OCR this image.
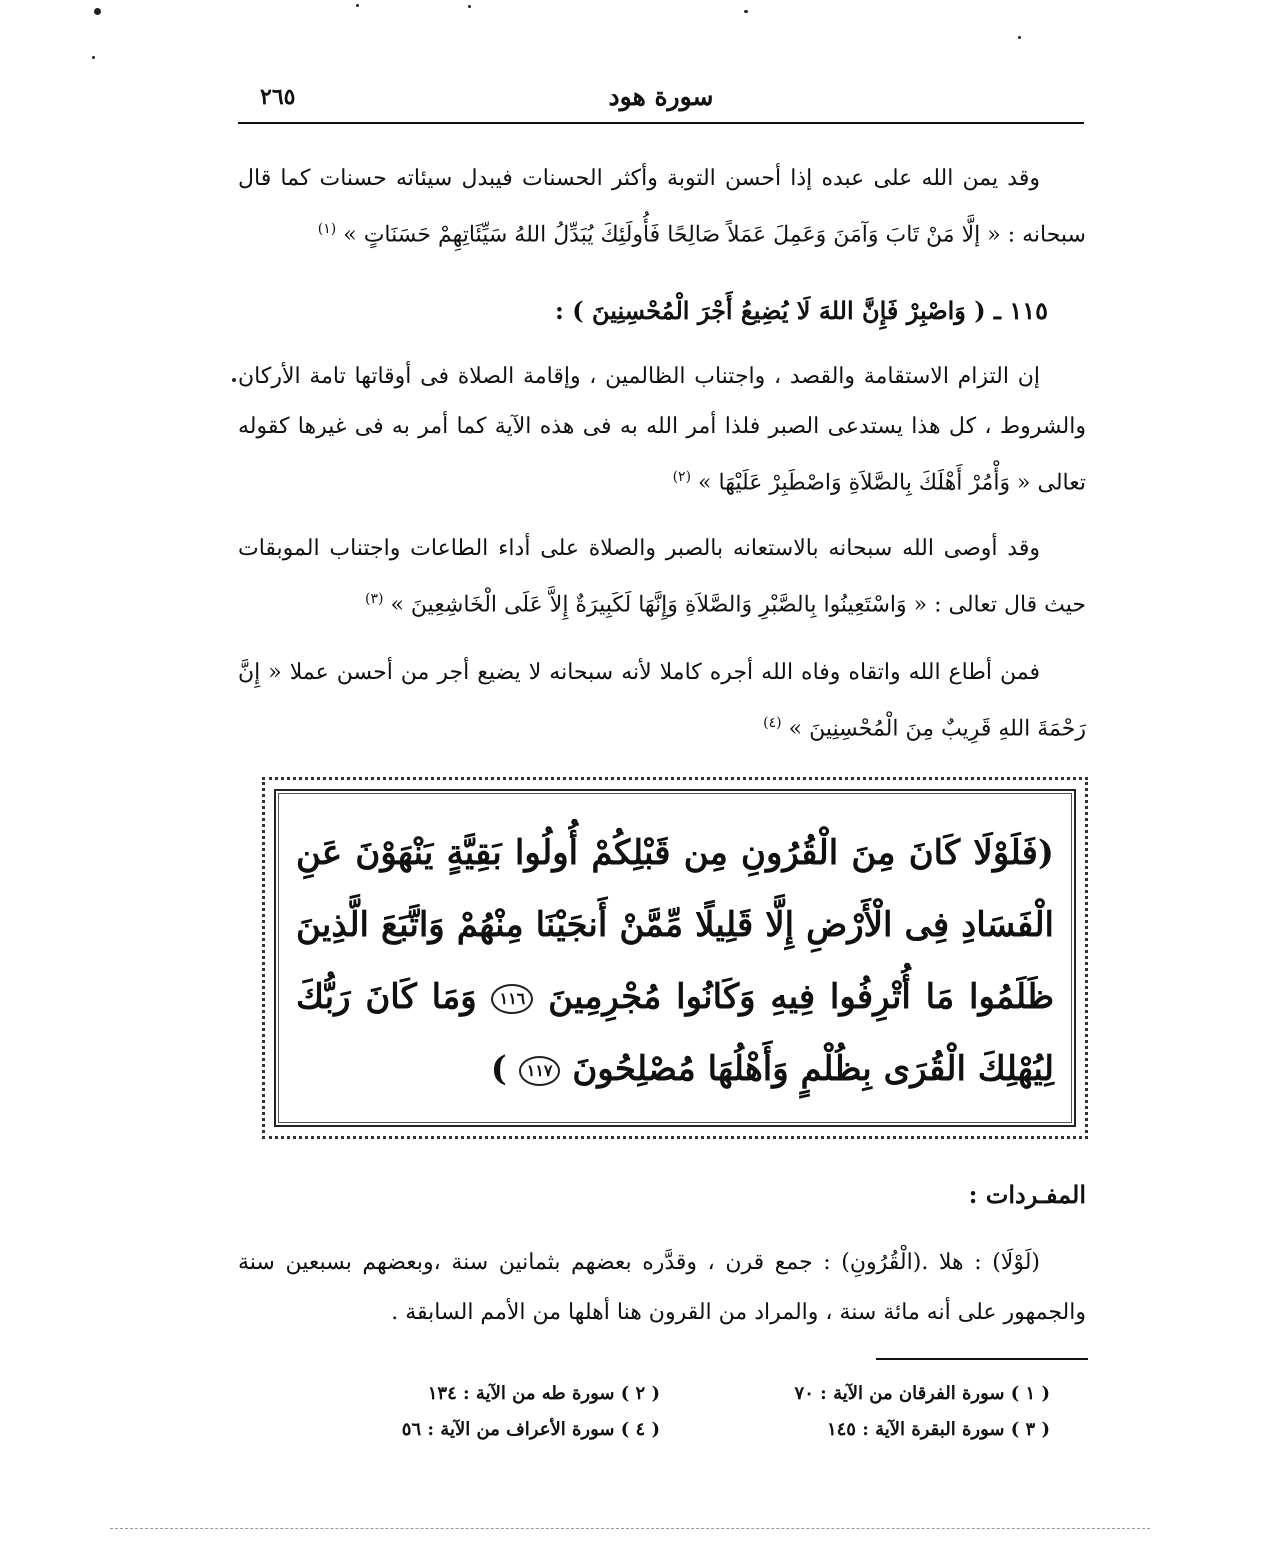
سورة هود
٢٦٥

وقد يمن الله على عبده إذا أحسن التوبة وأكثر الحسنات فيبدل سيئاته حسنات كما قال سبحانه : « إلَّا مَنْ تَابَ وَآمَنَ وَعَمِلَ عَمَلاً صَالِحًا فَأُولَئِكَ يُبَدِّلُ اللهُ سَيِّئَاتِهِمْ حَسَنَاتٍ » $^{(١)}$

١١٥ ـ ( وَاصْبِرْ فَإِنَّ اللهَ لَا يُضِيعُ أَجْرَ الْمُحْسِنِينَ ) :

إن التزام الاستقامة والقصد ، واجتناب الظالمين ، وإقامة الصلاة فى أوقاتها تامة الأركان والشروط ، كل هذا يستدعى الصبر فلذا أمر الله به فى هذه الآية كما أمر به فى غيرها كقوله تعالى « وَأْمُرْ أَهْلَكَ بِالصَّلاَةِ وَاصْطَبِرْ عَلَيْهَا » $^{(٢)}$

وقد أوصى الله سبحانه بالاستعانه بالصبر والصلاة على أداء الطاعات واجتناب الموبقات حيث قال تعالى : « وَاسْتَعِينُوا بِالصَّبْرِ وَالصَّلاَةِ وَإِنَّهَا لَكَبِيرَةٌ إِلاَّ عَلَى الْخَاشِعِينَ » $^{(٣)}$

فمن أطاع الله واتقاه وفاه الله أجره كاملا لأنه سبحانه لا يضيع أجر من أحسن عملا « إِنَّ رَحْمَةَ اللهِ قَرِيبٌ مِنَ الْمُحْسِنِينَ » $^{(٤)}$

(فَلَوْلَا كَانَ مِنَ الْقُرُونِ مِن قَبْلِكُمْ أُولُوا بَقِيَّةٍ يَنْهَوْنَ عَنِ الْفَسَادِ فِى الْأَرْضِ إِلَّا قَلِيلًا مِّمَّنْ أَنجَيْنَا مِنْهُمْ وَاتَّبَعَ الَّذِينَ ظَلَمُوا مَا أُتْرِفُوا فِيهِ وَكَانُوا مُجْرِمِينَ ١١٦ وَمَا كَانَ رَبُّكَ لِيُهْلِكَ الْقُرَى بِظُلْمٍ وَأَهْلُهَا مُصْلِحُونَ ١١٧ )
المفـردات :
(لَوْلَا) : هلا .(الْقُرُونِ) : جمع قرن ، وقدَّره بعضهم بثمانين سنة ،وبعضهم بسبعين سنة والجمهور على أنه مائة سنة ، والمراد من القرون هنا أهلها من الأمم السابقة .
( ١ ) سورة الفرقان من الآية : ٧٠
( ٢ ) سورة طه من الآية : ١٣٤
( ٣ ) سورة البقرة الآية : ١٤٥
( ٤ ) سورة الأعراف من الآية : ٥٦
